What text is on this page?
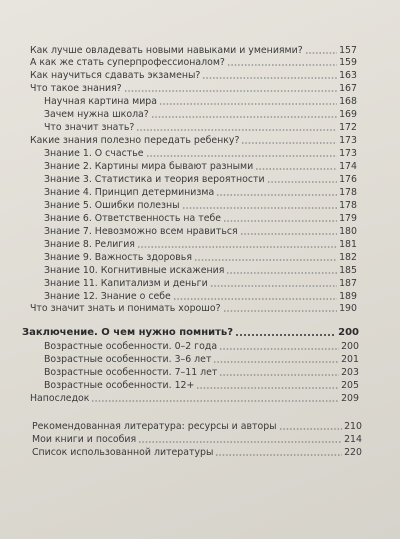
Как лучше овладевать новыми навыками и умениями?	157
А как же стать суперпрофессионалом?	159
Как научиться сдавать экзамены?	163
Что такое знания?	167
Научная картина мира	168
Зачем нужна школа?	169
Что значит знать?	172
Какие знания полезно передать ребенку?	173
Знание 1. О счастье	173
Знание 2. Картины мира бывают разными	174
Знание 3. Статистика и теория вероятности	176
Знание 4. Принцип детерминизма	178
Знание 5. Ошибки полезны	178
Знание 6. Ответственность на тебе	179
Знание 7. Невозможно всем нравиться	180
Знание 8. Религия	181
Знание 9. Важность здоровья	182
Знание 10. Когнитивные искажения	185
Знание 11. Капитализм и деньги	187
Знание 12. Знание о себе	189
Что значит знать и понимать хорошо?	190
Заключение. О чем нужно помнить?	200
Возрастные особенности. 0–2 года	200
Возрастные особенности. 3–6 лет	201
Возрастные особенности. 7–11 лет	203
Возрастные особенности. 12+	205
Напоследок	209
Рекомендованная литература: ресурсы и авторы	210
Мои книги и пособия	214
Список использованной литературы	220
